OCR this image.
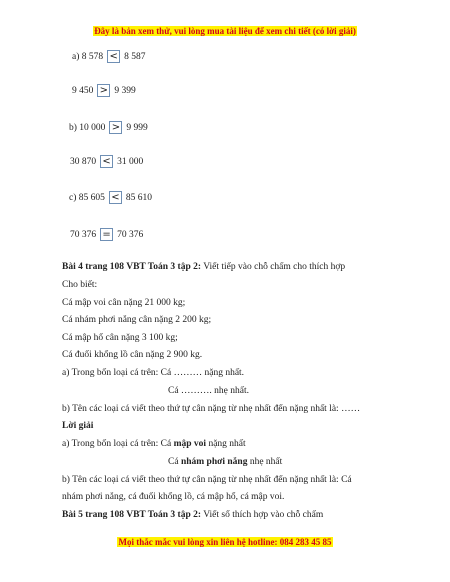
Đây là bản xem thử, vui lòng mua tài liệu để xem chi tiết (có lời giải)
a) 8 578 < 8 587
9 450 > 9 399
b) 10 000 > 9 999
30 870 < 31 000
c) 85 605 < 85 610
70 376 = 70 376
Bài 4 trang 108 VBT Toán 3 tập 2: Viết tiếp vào chỗ chấm cho thích hợp
Cho biết:
Cá mập voi cân nặng 21 000 kg;
Cá nhám phơi nắng cân nặng 2 200 kg;
Cá mập hổ cân nặng 3 100 kg;
Cá đuối khổng lồ cân nặng 2 900 kg.
a) Trong bốn loại cá trên: Cá ……… nặng nhất.
Cá ………. nhẹ nhất.
b) Tên các loại cá viết theo thứ tự cân nặng từ nhẹ nhất đến nặng nhất là: ……
Lời giải
a) Trong bốn loại cá trên: Cá mập voi nặng nhất
Cá nhám phơi nắng nhẹ nhất
b) Tên các loại cá viết theo thứ tự cân nặng từ nhẹ nhất đến nặng nhất là: Cá
nhám phơi nắng, cá đuối khổng lồ, cá mập hổ, cá mập voi.
Bài 5 trang 108 VBT Toán 3 tập 2: Viết số thích hợp vào chỗ chấm
Mọi thắc mắc vui lòng xin liên hệ hotline: 084 283 45 85
